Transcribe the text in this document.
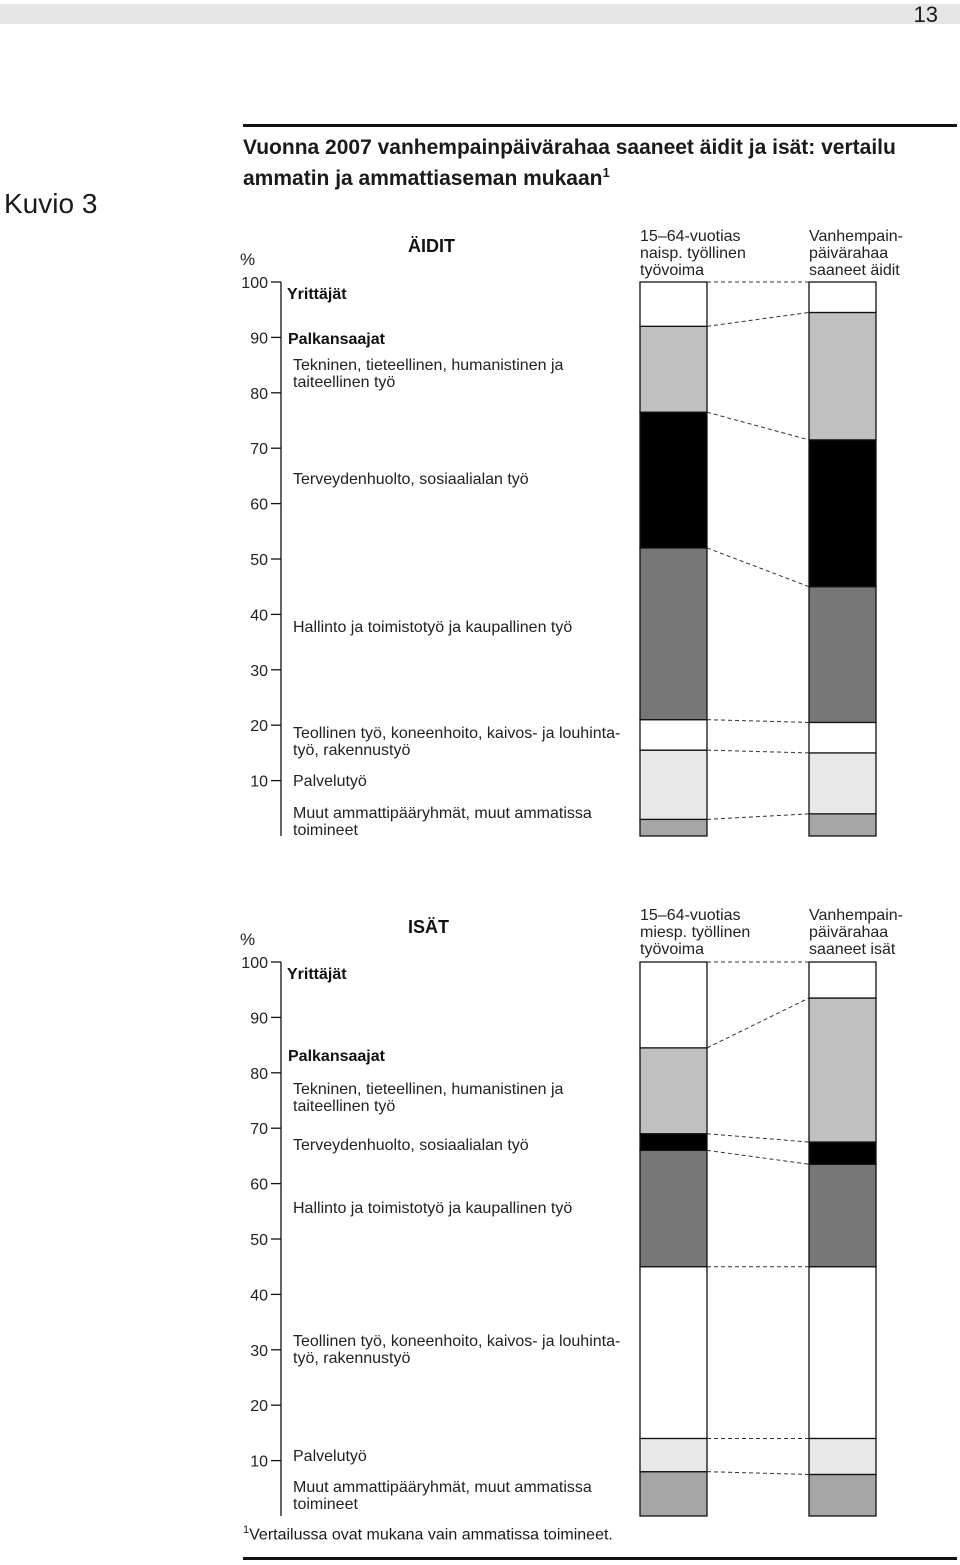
13
Kuvio 3
Vuonna 2007 vanhempainpäivärahaa saaneet äidit ja isät: vertailu ammatin ja ammattiaseman mukaan$^1$
10
20
30
40
50
60
70
80
90
100
%
ÄIDIT
Yrittäjät
Palkansaajat
15–64-vuotias
naisp. työllinen
työvoima
Vanhempain-
päivärahaa
saaneet äidit
Muut ammattipääryhmät, muut ammatissa
toimineet
Palvelutyö
Teollinen työ, koneenhoito, kaivos- ja louhinta-
työ, rakennustyö
Hallinto ja toimistotyö ja kaupallinen työ
Terveydenhuolto, sosiaalialan työ
Tekninen, tieteellinen, humanistinen ja
taiteellinen työ
10
20
30
40
50
60
70
80
90
100
%
ISÄT
Yrittäjät
Palkansaajat
15–64-vuotias
miesp. työllinen
työvoima
Vanhempain-
päivärahaa
saaneet isät
Muut ammattipääryhmät, muut ammatissa
toimineet
Palvelutyö
Teollinen työ, koneenhoito, kaivos- ja louhinta-
työ, rakennustyö
Hallinto ja toimistotyö ja kaupallinen työ
Terveydenhuolto, sosiaalialan työ
Tekninen, tieteellinen, humanistinen ja
taiteellinen työ
$^1$Vertailussa ovat mukana vain ammatissa toimineet.
